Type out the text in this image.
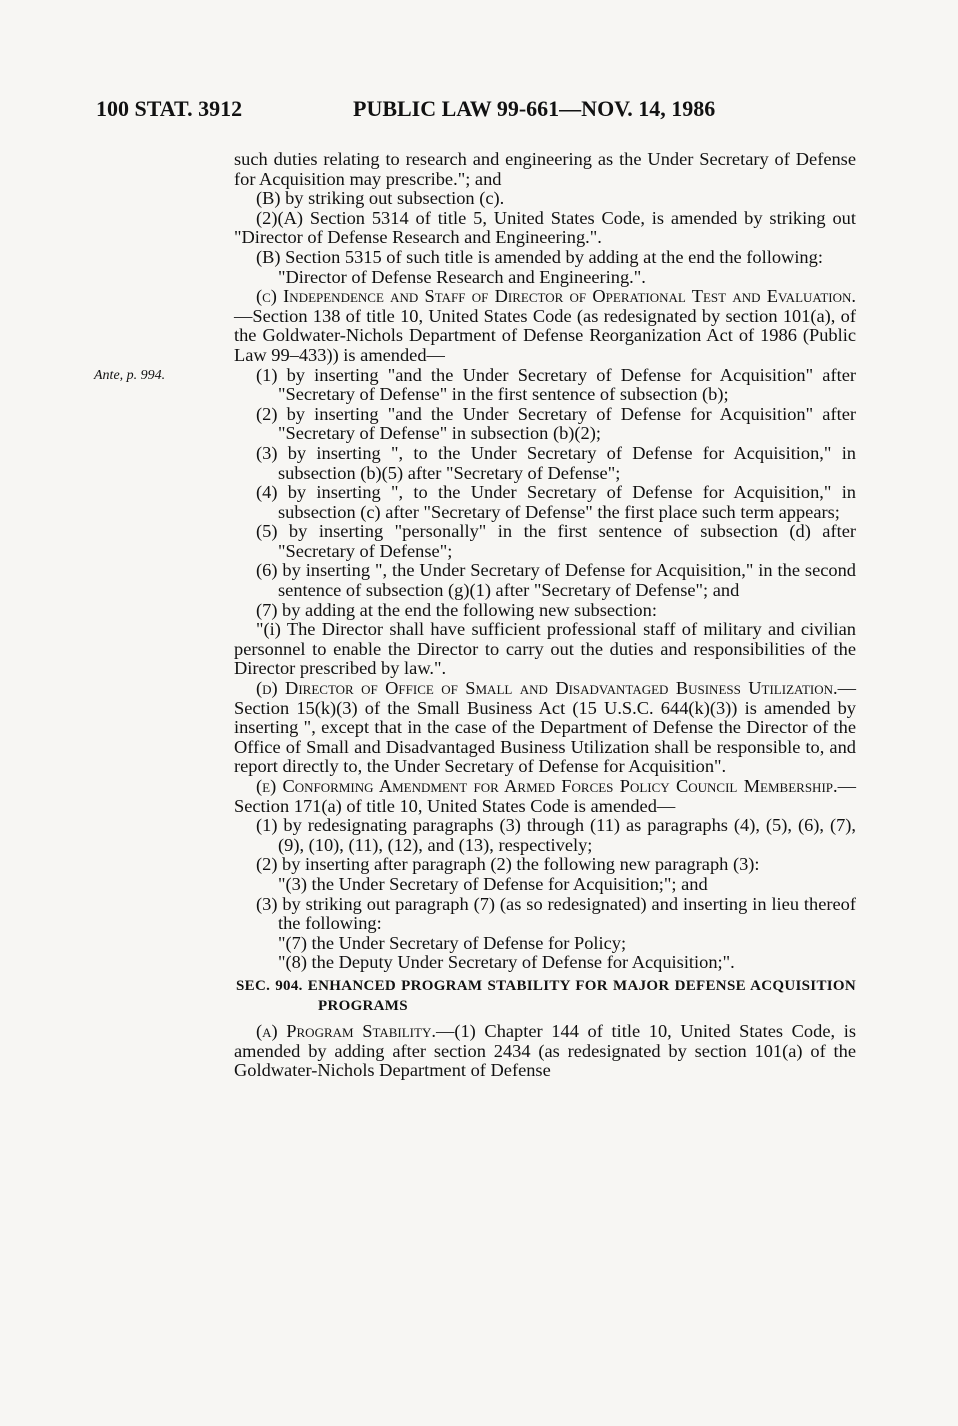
100 STAT. 3912	PUBLIC LAW 99-661—NOV. 14, 1986
Ante, p. 994.

such duties relating to research and engineering as the Under Secretary of Defense for Acquisition may prescribe."; and

(B) by striking out subsection (c).

(2)(A) Section 5314 of title 5, United States Code, is amended by striking out "Director of Defense Research and Engineering.".

(B) Section 5315 of such title is amended by adding at the end the following:

"Director of Defense Research and Engineering.".

(c) Independence and Staff of Director of Operational Test and Evaluation.—Section 138 of title 10, United States Code (as redesignated by section 101(a), of the Goldwater-Nichols Department of Defense Reorganization Act of 1986 (Public Law 99–433)) is amended—

(1) by inserting "and the Under Secretary of Defense for Acquisition" after "Secretary of Defense" in the first sentence of subsection (b);

(2) by inserting "and the Under Secretary of Defense for Acquisition" after "Secretary of Defense" in subsection (b)(2);

(3) by inserting ", to the Under Secretary of Defense for Acquisition," in subsection (b)(5) after "Secretary of Defense";

(4) by inserting ", to the Under Secretary of Defense for Acquisition," in subsection (c) after "Secretary of Defense" the first place such term appears;

(5) by inserting "personally" in the first sentence of subsection (d) after "Secretary of Defense";

(6) by inserting ", the Under Secretary of Defense for Acquisition," in the second sentence of subsection (g)(1) after "Secretary of Defense"; and

(7) by adding at the end the following new subsection:

"(i) The Director shall have sufficient professional staff of military and civilian personnel to enable the Director to carry out the duties and responsibilities of the Director prescribed by law.".

(d) Director of Office of Small and Disadvantaged Business Utilization.—Section 15(k)(3) of the Small Business Act (15 U.S.C. 644(k)(3)) is amended by inserting ", except that in the case of the Department of Defense the Director of the Office of Small and Disadvantaged Business Utilization shall be responsible to, and report directly to, the Under Secretary of Defense for Acquisition".

(e) Conforming Amendment for Armed Forces Policy Council Membership.—Section 171(a) of title 10, United States Code is amended—

(1) by redesignating paragraphs (3) through (11) as paragraphs (4), (5), (6), (7), (9), (10), (11), (12), and (13), respectively;

(2) by inserting after paragraph (2) the following new paragraph (3):

"(3) the Under Secretary of Defense for Acquisition;"; and

(3) by striking out paragraph (7) (as so redesignated) and inserting in lieu thereof the following:

"(7) the Under Secretary of Defense for Policy;

"(8) the Deputy Under Secretary of Defense for Acquisition;".

SEC. 904. ENHANCED PROGRAM STABILITY FOR MAJOR DEFENSE ACQUISITION PROGRAMS

(a) Program Stability.—(1) Chapter 144 of title 10, United States Code, is amended by adding after section 2434 (as redesignated by section 101(a) of the Goldwater-Nichols Department of Defense
